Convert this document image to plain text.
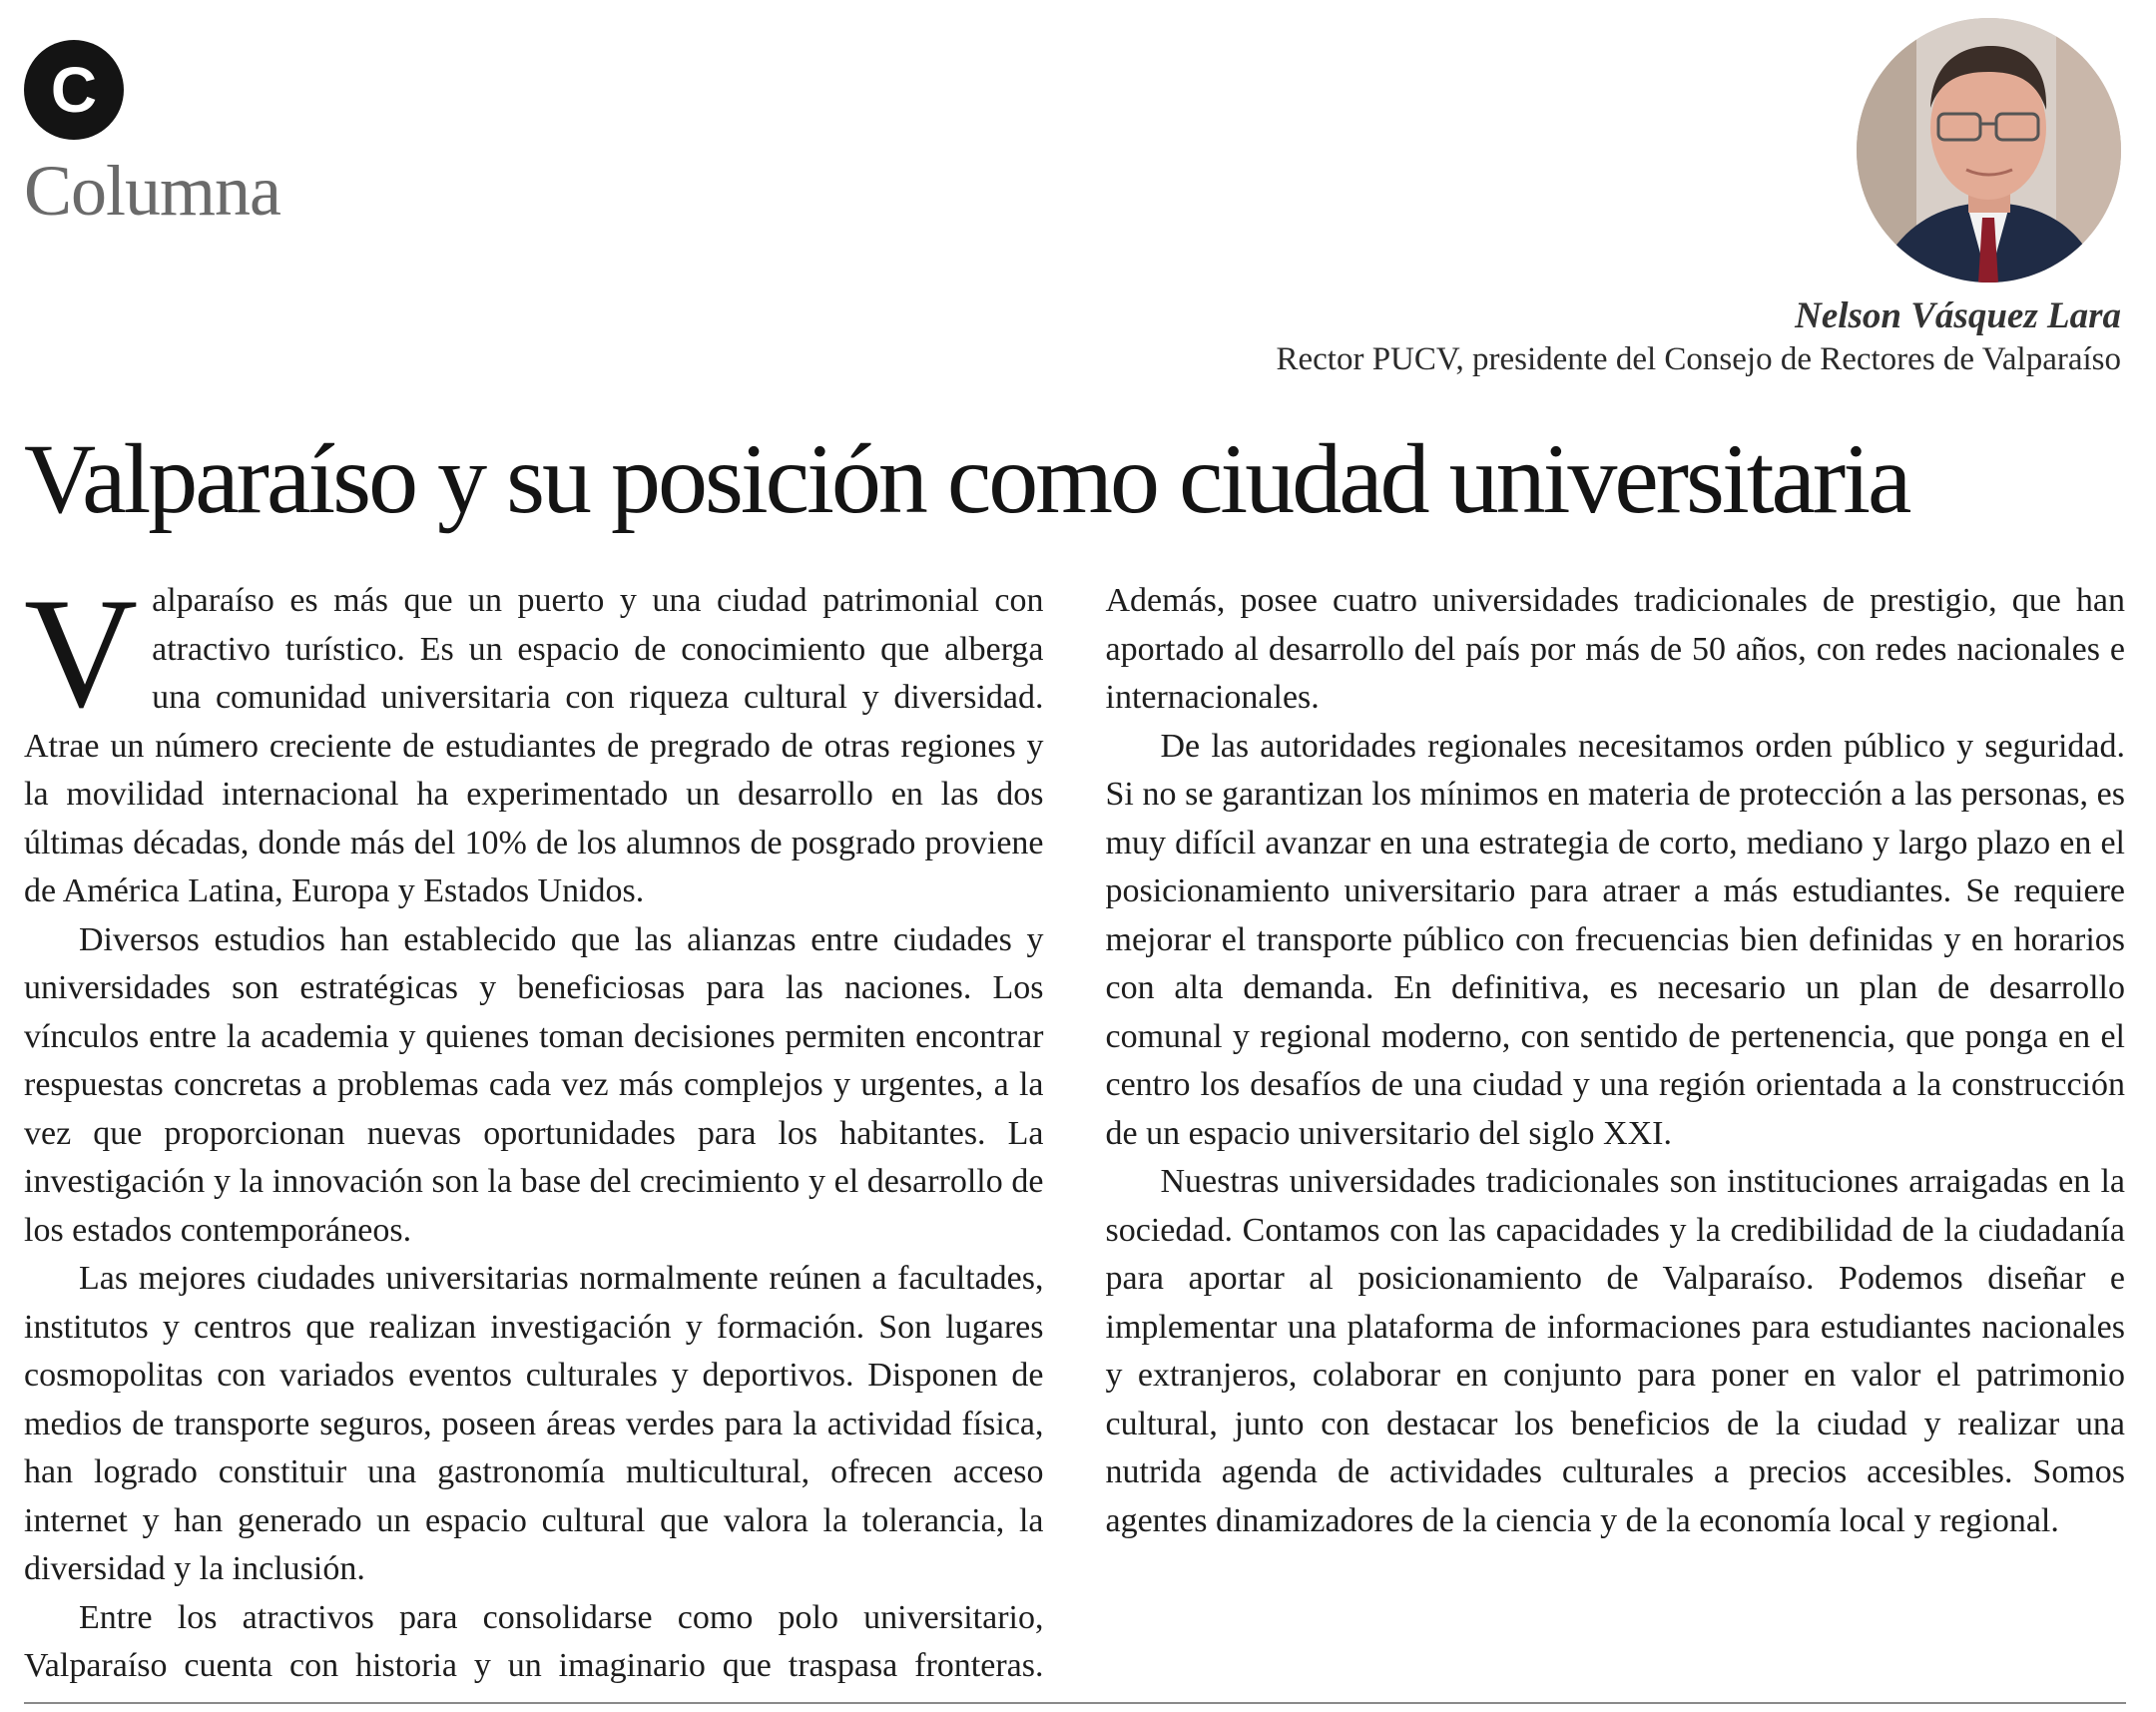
C
Columna
Nelson Vásquez Lara
Rector PUCV, presidente del Consejo de Rectores de Valparaíso
Valparaíso y su posición como ciudad universitaria

Valparaíso es más que un puerto y una ciudad patrimonial con atractivo turístico. Es un espacio de conocimiento que alberga una comunidad universitaria con riqueza cultural y diversidad. Atrae un número creciente de estudiantes de pregrado de otras regiones y la movilidad internacional ha experimentado un desarrollo en las dos últimas décadas, donde más del 10% de los alumnos de posgrado proviene de América Latina, Europa y Estados Unidos.

Diversos estudios han establecido que las alianzas entre ciudades y universidades son estratégicas y beneficiosas para las naciones. Los vínculos entre la academia y quienes toman decisiones permiten encontrar respuestas concretas a problemas cada vez más complejos y urgentes, a la vez que proporcionan nuevas oportunidades para los habitantes. La investigación y la innovación son la base del crecimiento y el desarrollo de los estados contemporáneos.

Las mejores ciudades universitarias normalmente reúnen a facultades, institutos y centros que realizan investigación y formación. Son lugares cosmopolitas con variados eventos culturales y deportivos. Disponen de medios de transporte seguros, poseen áreas verdes para la actividad física, han logrado constituir una gastronomía multicultural, ofrecen acceso internet y han generado un espacio cultural que valora la tolerancia, la diversidad y la inclusión.

Entre los atractivos para consolidarse como polo universitario, Valparaíso cuenta con historia y un imaginario que traspasa fronteras. Además, posee cuatro universidades tradicionales de prestigio, que han aportado al desarrollo del país por más de 50 años, con redes nacionales e internacionales.

De las autoridades regionales necesitamos orden público y seguridad. Si no se garantizan los mínimos en materia de protección a las personas, es muy difícil avanzar en una estrategia de corto, mediano y largo plazo en el posicionamiento universitario para atraer a más estudiantes. Se requiere mejorar el transporte público con frecuencias bien definidas y en horarios con alta demanda. En definitiva, es necesario un plan de desarrollo comunal y regional moderno, con sentido de pertenencia, que ponga en el centro los desafíos de una ciudad y una región orientada a la construcción de un espacio universitario del siglo XXI.

Nuestras universidades tradicionales son instituciones arraigadas en la sociedad. Contamos con las capacidades y la credibilidad de la ciudadanía para aportar al posicionamiento de Valparaíso. Podemos diseñar e implementar una plataforma de informaciones para estudiantes nacionales y extranjeros, colaborar en conjunto para poner en valor el patrimonio cultural, junto con destacar los beneficios de la ciudad y realizar una nutrida agenda de actividades culturales a precios accesibles. Somos agentes dinamizadores de la ciencia y de la economía local y regional.
